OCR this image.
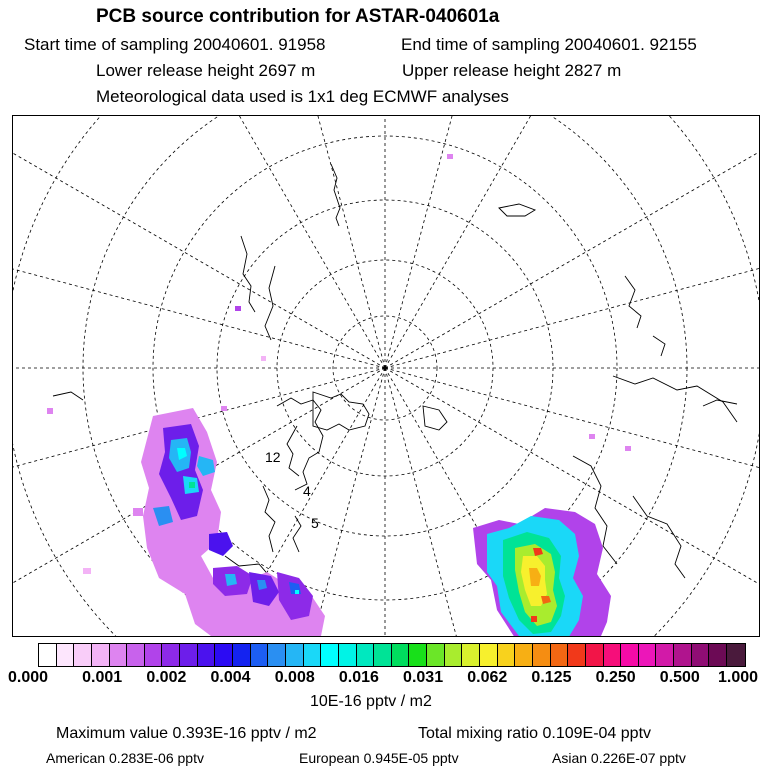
PCB source contribution for ASTAR-040601a
Start time of sampling 20040601. 91958	End time of sampling 20040601. 92155
Lower release height 2697 m	Upper release height 2827 m
Meteorological data used is 1x1 deg ECMWF analyses
12
4
5
0.000 0.001 0.002 0.004 0.008 0.016 0.031 0.062 0.125 0.250 0.500 1.000
10E-16 pptv / m2
Maximum value 0.393E-16 pptv / m2	Total mixing ratio 0.109E-04 pptv
American 0.283E-06 pptv	European 0.945E-05 pptv	Asian 0.226E-07 pptv
